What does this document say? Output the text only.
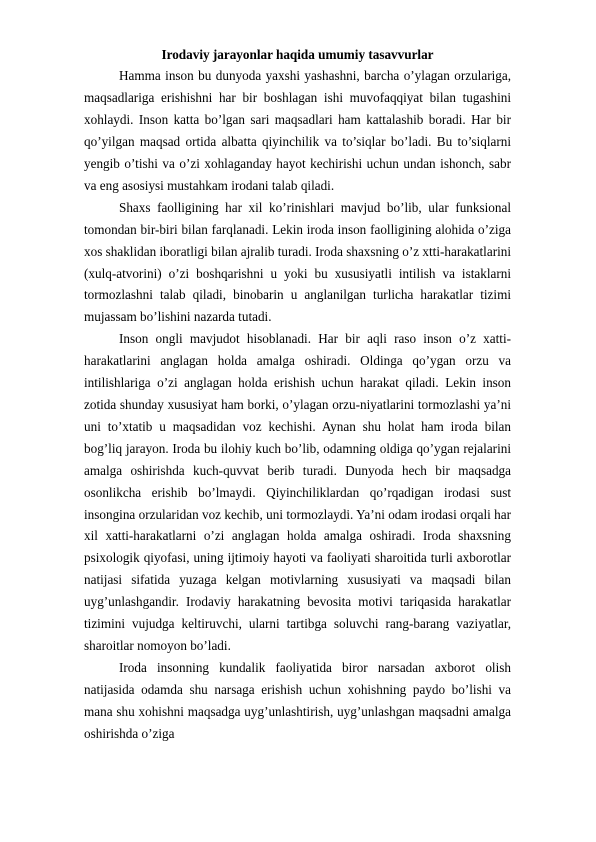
Irodaviy jarayonlar haqida umumiy tasavvurlar

Hamma inson bu dunyoda yaxshi yashashni, barcha o’ylagan orzulariga, maqsadlariga erishishni har bir boshlagan ishi muvofaqqiyat bilan tugashini xohlaydi. Inson katta bo’lgan sari maqsadlari ham kattalashib boradi. Har bir qo’yilgan maqsad ortida albatta qiyinchilik va to’siqlar bo’ladi. Bu to’siqlarni yengib o’tishi va o’zi xohlaganday hayot kechirishi uchun undan ishonch, sabr va eng asosiysi mustahkam irodani talab qiladi.

Shaxs faolligining har xil ko’rinishlari mavjud bo’lib, ular funksional tomondan bir-biri bilan farqlanadi. Lekin iroda inson faolligining alohida o’ziga xos shaklidan iboratligi bilan ajralib turadi. Iroda shaxsning o’z xtti-harakatlarini (xulq-atvorini) o’zi boshqarishni u yoki bu xususiyatli intilish va istaklarni tormozlashni talab qiladi, binobarin u anglanilgan turlicha harakatlar tizimi mujassam bo’lishini nazarda tutadi.

Inson ongli mavjudot hisoblanadi. Har bir aqli raso inson o’z xatti-harakatlarini anglagan holda amalga oshiradi. Oldinga qo’ygan orzu va intilishlariga o’zi anglagan holda erishish uchun harakat qiladi. Lekin inson zotida shunday xususiyat ham borki, o’ylagan orzu-niyatlarini tormozlashi ya’ni uni to’xtatib u maqsadidan voz kechishi. Aynan shu holat ham iroda bilan bog’liq jarayon. Iroda bu ilohiy kuch bo’lib, odamning oldiga qo’ygan rejalarini amalga oshirishda kuch-quvvat berib turadi. Dunyoda hech bir maqsadga osonlikcha erishib bo’lmaydi. Qiyinchiliklardan qo’rqadigan irodasi sust insongina orzularidan voz kechib, uni tormozlaydi. Ya’ni odam irodasi orqali har xil xatti-harakatlarni o’zi anglagan holda amalga oshiradi. Iroda shaxsning psixologik qiyofasi, uning ijtimoiy hayoti va faoliyati sharoitida turli axborotlar natijasi sifatida yuzaga kelgan motivlarning xususiyati va maqsadi bilan uyg’unlashgandir. Irodaviy harakatning bevosita motivi tariqasida harakatlar tizimini vujudga keltiruvchi, ularni tartibga soluvchi rang-barang vaziyatlar, sharoitlar nomoyon bo’ladi.

Iroda insonning kundalik faoliyatida biror narsadan axborot olish natijasida odamda shu narsaga erishish uchun xohishning paydo bo’lishi va mana shu xohishni maqsadga uyg’unlashtirish, uyg’unlashgan maqsadni amalga oshirishda o’ziga
